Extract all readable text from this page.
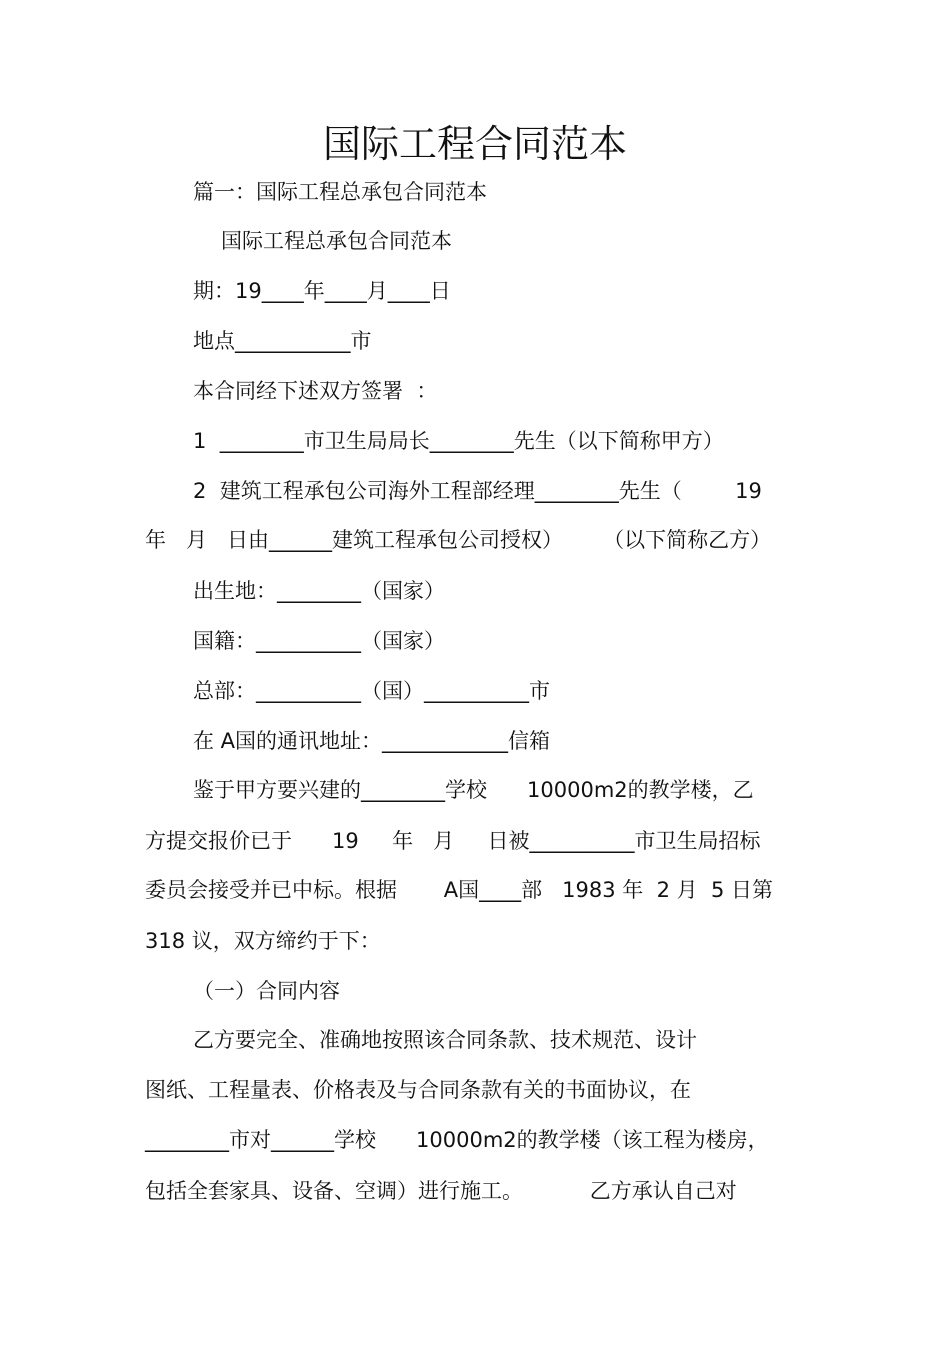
国际工程合同范本
篇一：国际工程总承包合同范本
国际工程总承包合同范本
期：19____年____月____日
地点___________市
本合同经下述双方签署  ：
1  ________市卫生局局长________先生（以下简称甲方）
2  建筑工程承包公司海外工程部经理________先生（        19
年   月   日由______建筑工程承包公司授权）      （以下简称乙方）
出生地：________（国家）
国籍：__________（国家）
总部：__________（国）__________市
在 A国的通讯地址：____________信箱
鉴于甲方要兴建的________学校      10000m2的教学楼，乙
方提交报价已于      19     年   月     日被__________市卫生局招标
委员会接受并已中标。根据       A国____部   1983 年  2 月  5 日第
318 议，双方缔约于下：
（一）合同内容
乙方要完全、准确地按照该合同条款、技术规范、设计
图纸、工程量表、价格表及与合同条款有关的书面协议，在
________市对______学校      10000m2的教学楼（该工程为楼房，
包括全套家具、设备、空调）进行施工。          乙方承认自己对
